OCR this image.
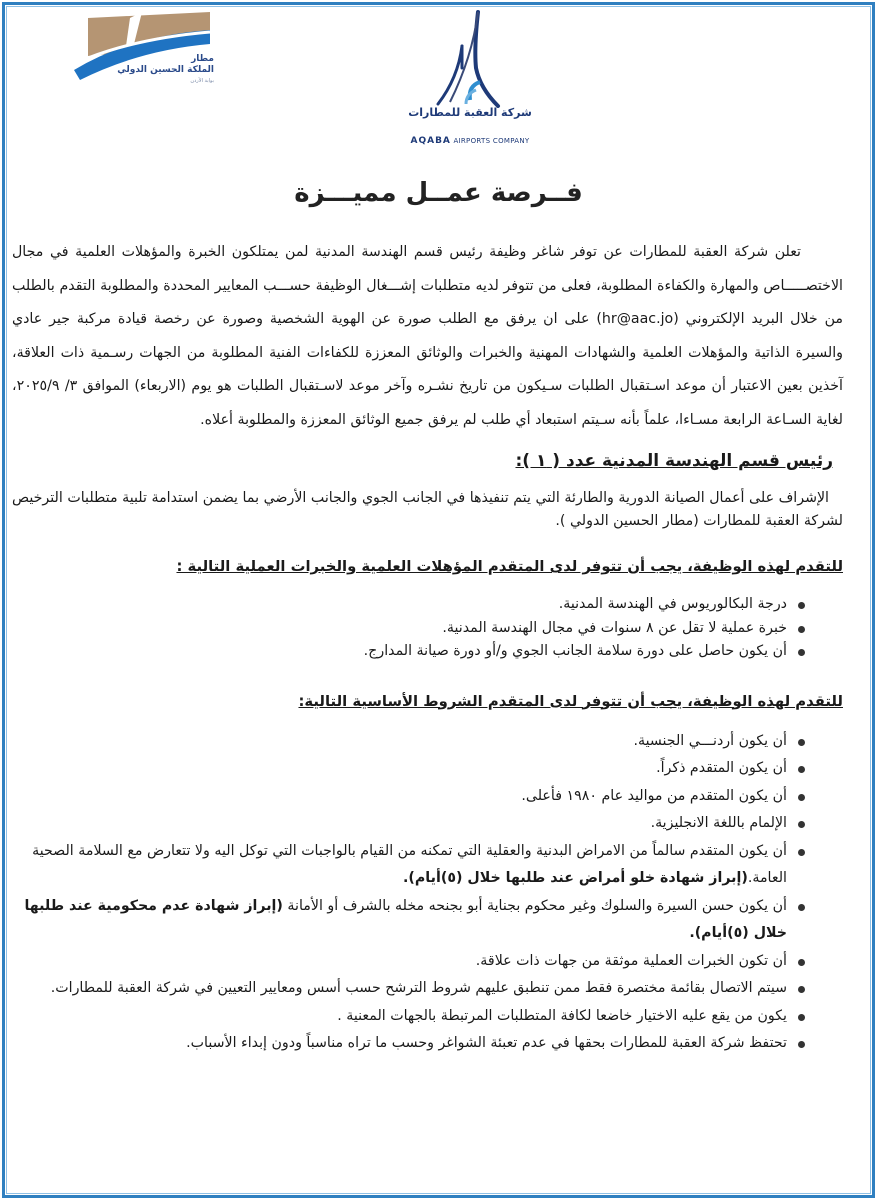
مطار
الملكة الحسين الدولي
بوابة الأردن
شركة العقبة للمطارات
AQABA AIRPORTS COMPANY
فــرصة عمــل مميـــزة

تعلن شركة العقبة للمطارات عن توفر شاغر وظيفة رئيس قسم الهندسة المدنية لمن يمتلكون الخبرة والمؤهلات العلمية في مجال الاختصـــــاص والمهارة والكفاءة المطلوبة، فعلى من تتوفر لديه متطلبات إشـــغال الوظيفة حســـب المعايير المحددة والمطلوبة التقدم بالطلب من خلال البريد الإلكتروني (hr@aac.jo) على ان يرفق مع الطلب صورة عن الهوية الشخصية وصورة عن رخصة قيادة مركبة جير عادي والسيرة الذاتية والمؤهلات العلمية والشهادات المهنية والخبرات والوثائق المعززة للكفاءات الفنية المطلوبة من الجهات رسـمية ذات العلاقة، آخذين بعين الاعتبار أن موعد اسـتقبال الطلبات سـيكون من تاريخ نشـره وآخر موعد لاسـتقبال الطلبات هو يوم (الاربعاء) الموافق ٣/ ٢٠٢٥/٩، لغاية السـاعة الرابعة مسـاءا، علماً بأنه سـيتم استبعاد أي طلب لم يرفق جميع الوثائق المعززة والمطلوبة أعلاه.

رئيس قسم الهندسة المدنية عدد ( ١ ):

الإشراف على أعمال الصيانة الدورية والطارئة التي يتم تنفيذها في الجانب الجوي والجانب الأرضي بما يضمن استدامة تلبية متطلبات الترخيص لشركة العقبة للمطارات (مطار الحسين الدولي ).

للتقدم لهذه الوظيفة، يجب أن تتوفر لدى المتقدم المؤهلات العلمية والخبرات العملية التالية :
درجة البكالوريوس في الهندسة المدنية.
خبرة عملية لا تقل عن ٨ سنوات في مجال الهندسة المدنية.
أن يكون حاصل على دورة سلامة الجانب الجوي و/أو دورة صيانة المدارج.
للتقدم لهذه الوظيفة، يجب أن تتوفر لدى المتقدم الشروط الأساسية التالية:
أن يكون أردنـــي الجنسية.
أن يكون المتقدم ذكراً.
أن يكون المتقدم من مواليد عام ١٩٨٠ فأعلى.
الإلمام باللغة الانجليزية.
أن يكون المتقدم سالماً من الامراض البدنية والعقلية التي تمكنه من القيام بالواجبات التي توكل اليه ولا تتعارض مع السلامة الصحية العامة.(إبراز شهادة خلو أمراض عند طلبها خلال (٥)أيام).
أن يكون حسن السيرة والسلوك وغير محكوم بجناية أبو بجنحه مخله بالشرف أو الأمانة (إبراز شهادة عدم محكومية عند طلبها خلال (٥)أيام).
أن تكون الخبرات العملية موثقة من جهات ذات علاقة.
سيتم الاتصال بقائمة مختصرة فقط ممن تنطبق عليهم شروط الترشح حسب أسس ومعايير التعيين في شركة العقبة للمطارات.
يكون من يقع عليه الاختيار خاضعا لكافة المتطلبات المرتبطة بالجهات المعنية .
تحتفظ شركة العقبة للمطارات بحقها في عدم تعبئة الشواغر وحسب ما تراه مناسباً ودون إبداء الأسباب.
